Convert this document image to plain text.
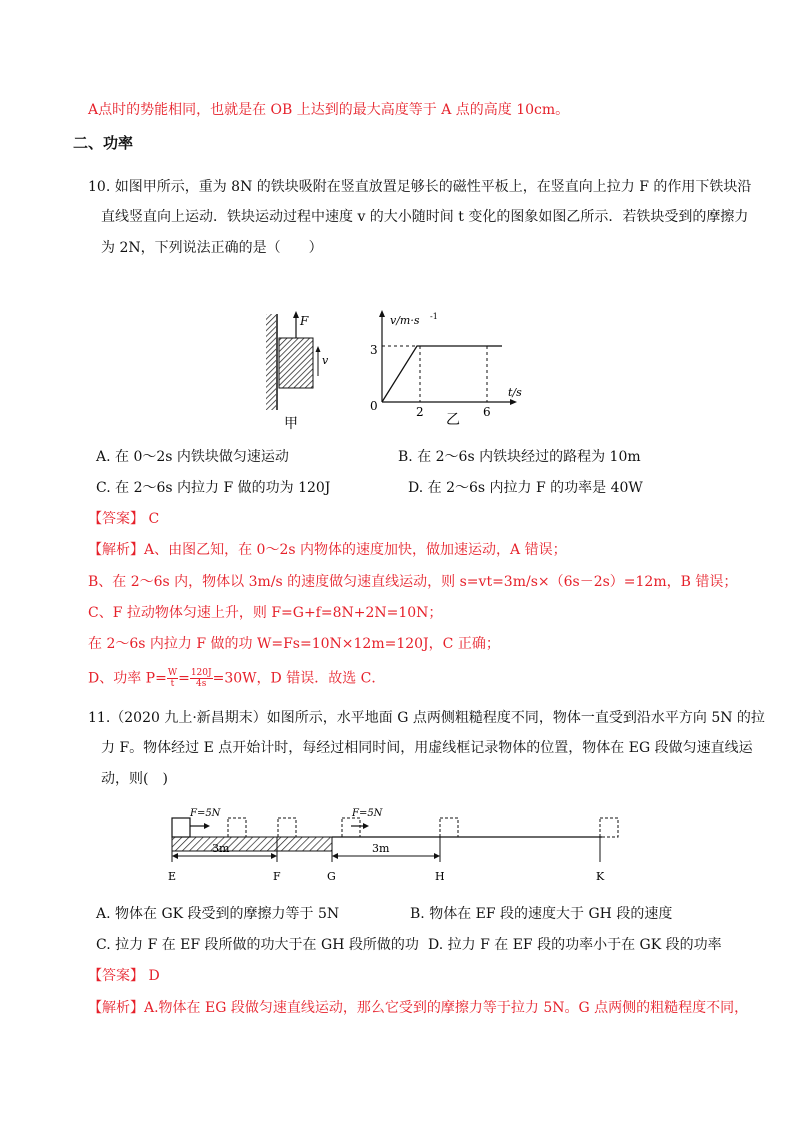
A点时的势能相同，也就是在 OB 上达到的最大高度等于 A 点的高度 10cm。
二、功率
10. 如图甲所示，重为 8N 的铁块吸附在竖直放置足够长的磁性平板上，在竖直向上拉力 F 的作用下铁块沿
直线竖直向上运动．铁块运动过程中速度 v 的大小随时间 t 变化的图象如图乙所示．若铁块受到的摩擦力
为 2N，下列说法正确的是（　　）
F
v
甲
v/m·s -1
t/s
0
3
2	6
乙
A. 在 0～2s 内铁块做匀速运动	B. 在 2～6s 内铁块经过的路程为 10m
C. 在 2～6s 内拉力 F 做的功为 120J	D. 在 2～6s 内拉力 F 的功率是 40W
【答案】 C
【解析】A、由图乙知，在 0～2s 内物体的速度加快，做加速运动，A 错误；
B、在 2～6s 内，物体以 3m/s 的速度做匀速直线运动，则 s=vt=3m/s×（6s－2s）=12m，B 错误；
C、F 拉动物体匀速上升，则 F=G+f=8N+2N=10N；
在 2～6s 内拉力 F 做的功 W=Fs=10N×12m=120J，C 正确；
D、功率 $P= \frac{W}{t} = \frac{120J}{4s} =30W$，D 错误．故选 C．
11.（2020 九上·新昌期末）如图所示，水平地面 G 点两侧粗糙程度不同，物体一直受到沿水平方向 5N 的拉
力 F。物体经过 E 点开始计时，每经过相同时间，用虚线框记录物体的位置，物体在 EG 段做匀速直线运
动，则(　)
F=5N	F=5N
3m	3m
E	F	G	H	K
A. 物体在 GK 段受到的摩擦力等于 5N	B. 物体在 EF 段的速度大于 GH 段的速度
C. 拉力 F 在 EF 段所做的功大于在 GH 段所做的功 D. 拉力 F 在 EF 段的功率小于在 GK 段的功率
【答案】 D
【解析】A.物体在 EG 段做匀速直线运动，那么它受到的摩擦力等于拉力 5N。G 点两侧的粗糙程度不同，
